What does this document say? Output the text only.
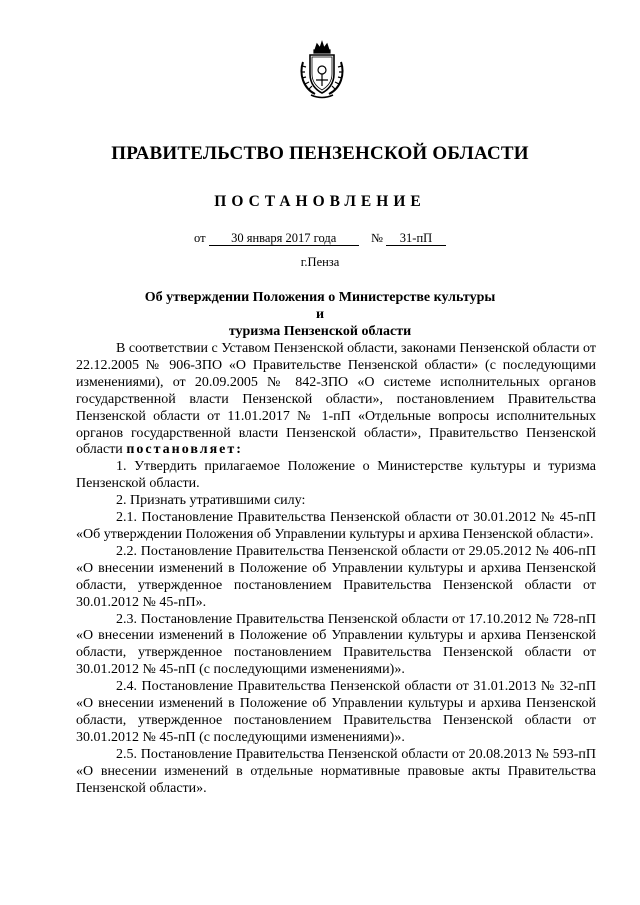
ПРАВИТЕЛЬСТВО ПЕНЗЕНСКОЙ ОБЛАСТИ
ПОСТАНОВЛЕНИЕ
от 30 января 2017 года	№ 31-пП
г.Пенза
Об утверждении Положения о Министерстве культуры и
туризма Пензенской области

В соответствии с Уставом Пензенской области, законами Пензенской области от 22.12.2005 № 906-ЗПО «О Правительстве Пензенской области» (с последующими изменениями), от 20.09.2005 № 842-ЗПО «О системе исполнительных органов государственной власти Пензенской области», постановлением Правительства Пензенской области от 11.01.2017 № 1-пП «Отдельные вопросы исполнительных органов государственной власти Пензенской области», Правительство Пензенской области постановляет:

1. Утвердить прилагаемое Положение о Министерстве культуры и туризма Пензенской области.

2. Признать утратившими силу:

2.1. Постановление Правительства Пензенской области от 30.01.2012 № 45-пП «Об утверждении Положения об Управлении культуры и архива Пензенской области».

2.2. Постановление Правительства Пензенской области от 29.05.2012 № 406-пП «О внесении изменений в Положение об Управлении культуры и архива Пензенской области, утвержденное постановлением Правительства Пензенской области от 30.01.2012 № 45-пП».

2.3. Постановление Правительства Пензенской области от 17.10.2012 № 728-пП «О внесении изменений в Положение об Управлении культуры и архива Пензенской области, утвержденное постановлением Правительства Пензенской области от 30.01.2012 № 45-пП (с последующими изменениями)».

2.4. Постановление Правительства Пензенской области от 31.01.2013 № 32-пП «О внесении изменений в Положение об Управлении культуры и архива Пензенской области, утвержденное постановлением Правительства Пензенской области от 30.01.2012 № 45-пП (с последующими изменениями)».

2.5. Постановление Правительства Пензенской области от 20.08.2013 № 593-пП «О внесении изменений в отдельные нормативные правовые акты Правительства Пензенской области».
